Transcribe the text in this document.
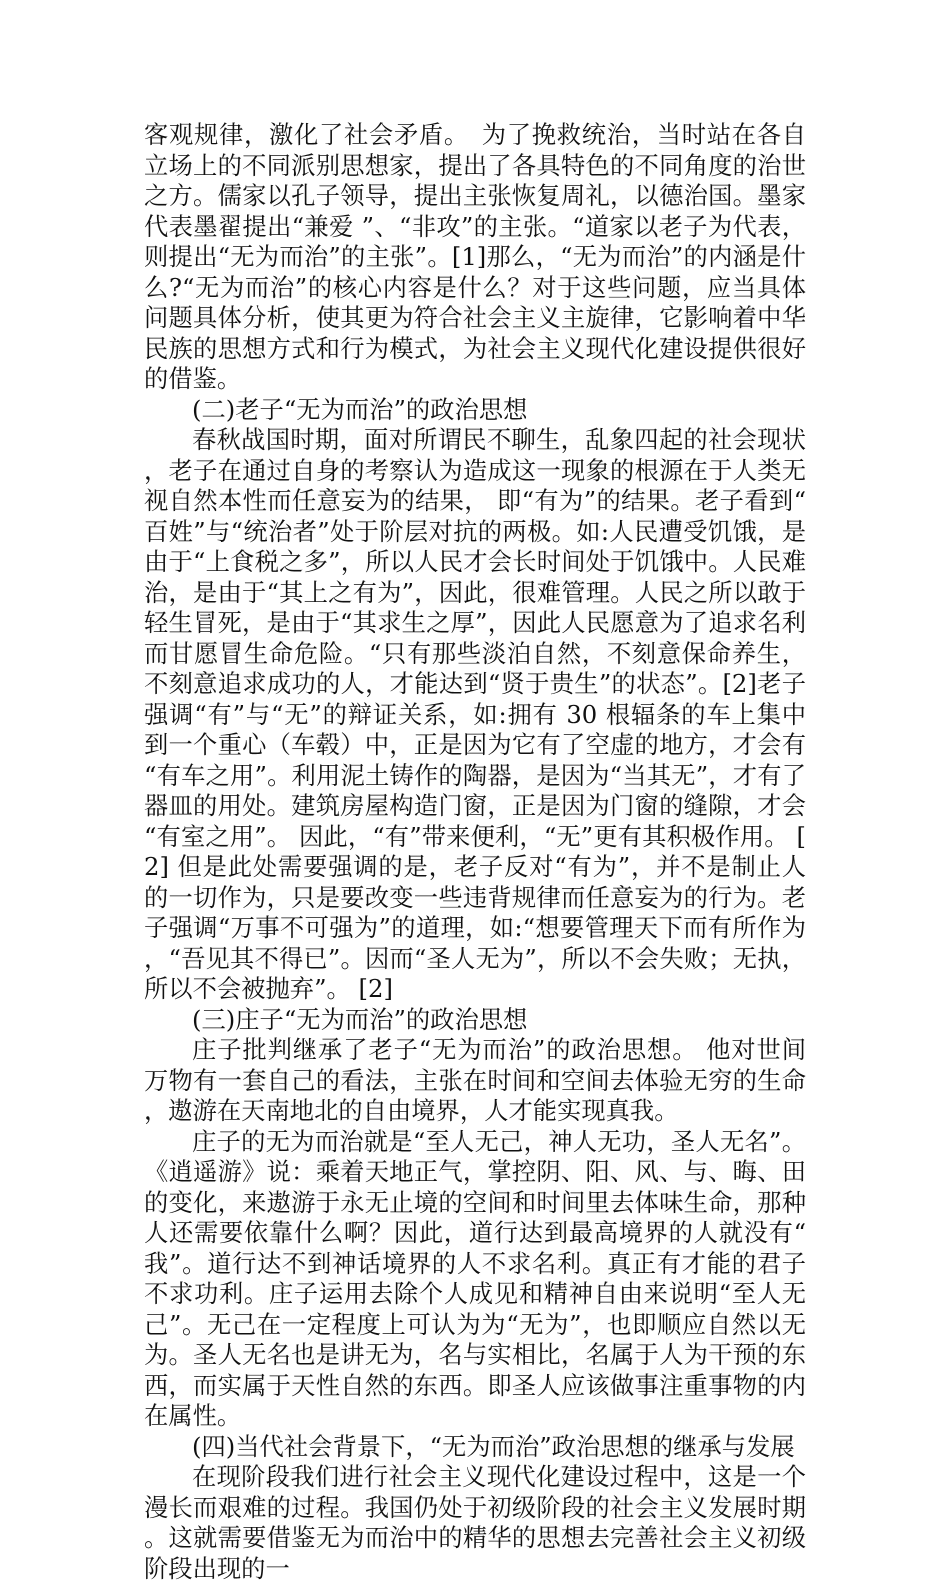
客观规律，激化了社会矛盾。　为了挽救统治，当时站在各自立场上的不同派别思想家，提出了各具特色的不同角度的治世之方。儒家以孔子领导，提出主张恢复周礼，以德治国。墨家代表墨翟提出“兼爱 ”、“非攻”的主张。“道家以老子为代表，则提出“无为而治”的主张”。[1]那么，“无为而治”的内涵是什么?“无为而治”的核心内容是什么？对于这些问题，应当具体问题具体分析，使其更为符合社会主义主旋律，它影响着中华民族的思想方式和行为模式，为社会主义现代化建设提供很好的借鉴。

(二)老子“无为而治”的政治思想

春秋战国时期，面对所谓民不聊生，乱象四起的社会现状，老子在通过自身的考察认为造成这一现象的根源在于人类无视自然本性而任意妄为的结果， 即“有为”的结果。老子看到“百姓”与“统治者”处于阶层对抗的两极。如:人民遭受饥饿，是由于“上食税之多”，所以人民才会长时间处于饥饿中。人民难治，是由于“其上之有为”，因此，很难管理。人民之所以敢于轻生冒死，是由于“其求生之厚”，因此人民愿意为了追求名利而甘愿冒生命危险。“只有那些淡泊自然，不刻意保命养生，不刻意追求成功的人，才能达到“贤于贵生”的状态”。[2]老子强调“有”与“无”的辩证关系，如:拥有 30 根辐条的车上集中到一个重心（车毂）中，正是因为它有了空虚的地方，才会有“有车之用”。利用泥土铸作的陶器，是因为“当其无”，才有了器皿的用处。建筑房屋构造门窗，正是因为门窗的缝隙，才会“有室之用”。 因此，“有”带来便利，“无”更有其积极作用。 [2] 但是此处需要强调的是，老子反对“有为”，并不是制止人的一切作为，只是要改变一些违背规律而任意妄为的行为。老子强调“万事不可强为”的道理，如:“想要管理天下而有所作为，“吾见其不得已”。因而“圣人无为”，所以不会失败；无执，所以不会被抛弃”。 [2]

(三)庄子“无为而治”的政治思想

庄子批判继承了老子“无为而治”的政治思想。 他对世间万物有一套自己的看法，主张在时间和空间去体验无穷的生命，遨游在天南地北的自由境界，人才能实现真我。

庄子的无为而治就是“至人无己，神人无功，圣人无名”。《逍遥游》说：乘着天地正气，掌控阴、阳、风、与、晦、田的变化，来遨游于永无止境的空间和时间里去体味生命，那种人还需要依靠什么啊？因此，道行达到最高境界的人就没有“我”。道行达不到神话境界的人不求名利。真正有才能的君子不求功利。庄子运用去除个人成见和精神自由来说明“至人无己”。无己在一定程度上可认为为“无为”，也即顺应自然以无为。圣人无名也是讲无为，名与实相比，名属于人为干预的东西，而实属于天性自然的东西。即圣人应该做事注重事物的内在属性。

(四)当代社会背景下，“无为而治”政治思想的继承与发展

在现阶段我们进行社会主义现代化建设过程中，这是一个漫长而艰难的过程。我国仍处于初级阶段的社会主义发展时期。这就需要借鉴无为而治中的精华的思想去完善社会主义初级阶段出现的一
